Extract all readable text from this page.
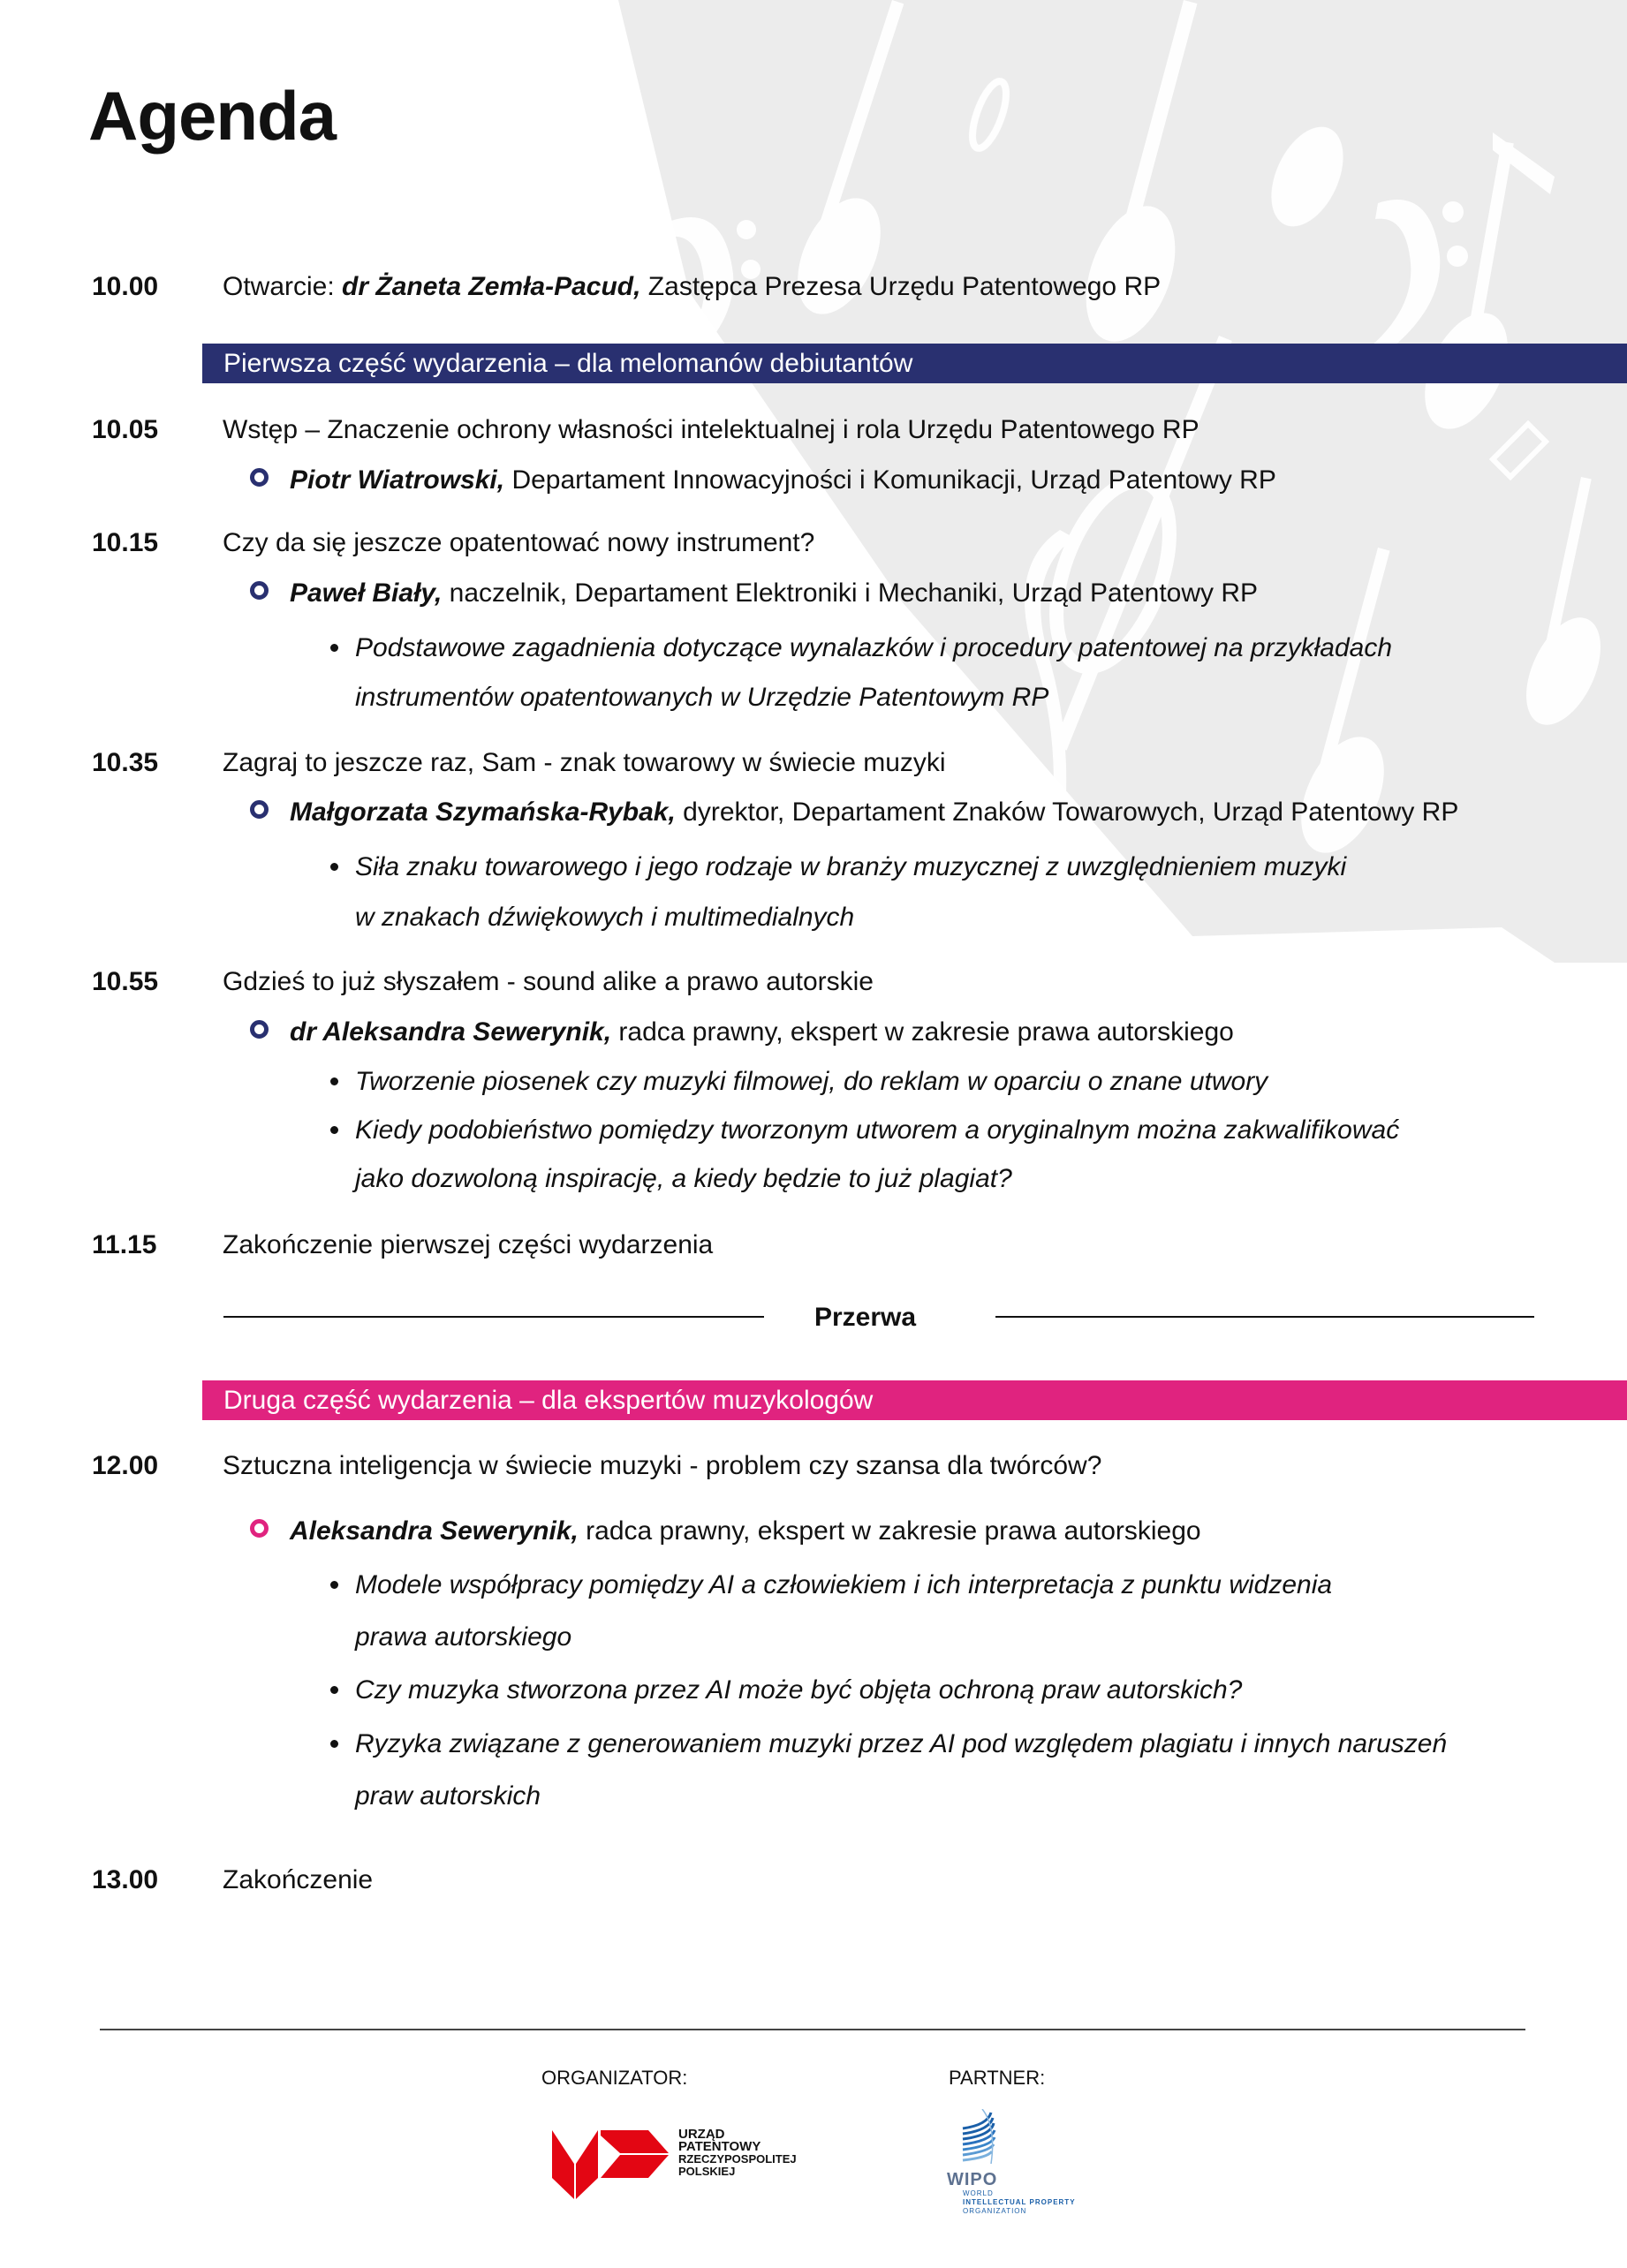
Agenda
10.00 Otwarcie: dr Żaneta Zemła-Pacud, Zastępca Prezesa Urzędu Patentowego RP
Pierwsza część wydarzenia – dla melomanów debiutantów
10.05 Wstęp – Znaczenie ochrony własności intelektualnej i rola Urzędu Patentowego RP
Piotr Wiatrowski, Departament Innowacyjności i Komunikacji, Urząd Patentowy RP
10.15 Czy da się jeszcze opatentować nowy instrument?
Paweł Biały, naczelnik, Departament Elektroniki i Mechaniki, Urząd Patentowy RP
Podstawowe zagadnienia dotyczące wynalazków i procedury patentowej na przykładach
instrumentów opatentowanych w Urzędzie Patentowym RP
10.35 Zagraj to jeszcze raz, Sam - znak towarowy w świecie muzyki
Małgorzata Szymańska-Rybak, dyrektor, Departament Znaków Towarowych, Urząd Patentowy RP
Siła znaku towarowego i jego rodzaje w branży muzycznej z uwzględnieniem muzyki
w znakach dźwiękowych i multimedialnych
10.55 Gdzieś to już słyszałem - sound alike a prawo autorskie
dr Aleksandra Sewerynik, radca prawny, ekspert w zakresie prawa autorskiego
Tworzenie piosenek czy muzyki filmowej, do reklam w oparciu o znane utwory
Kiedy podobieństwo pomiędzy tworzonym utworem a oryginalnym można zakwalifikować
jako dozwoloną inspirację, a kiedy będzie to już plagiat?
11.15 Zakończenie pierwszej części wydarzenia
Przerwa
Druga część wydarzenia – dla ekspertów muzykologów
12.00 Sztuczna inteligencja w świecie muzyki - problem czy szansa dla twórców?
Aleksandra Sewerynik, radca prawny, ekspert w zakresie prawa autorskiego
Modele współpracy pomiędzy AI a człowiekiem i ich interpretacja z punktu widzenia
prawa autorskiego
Czy muzyka stworzona przez AI może być objęta ochroną praw autorskich?
Ryzyka związane z generowaniem muzyki przez AI pod względem plagiatu i innych naruszeń
praw autorskich
13.00 Zakończenie
ORGANIZATOR:	PARTNER:
URZĄD
PATENTOWY
RZECZYPOSPOLITEJ
POLSKIEJ	WIPO
WORLD
INTELLECTUAL PROPERTY
ORGANIZATION
